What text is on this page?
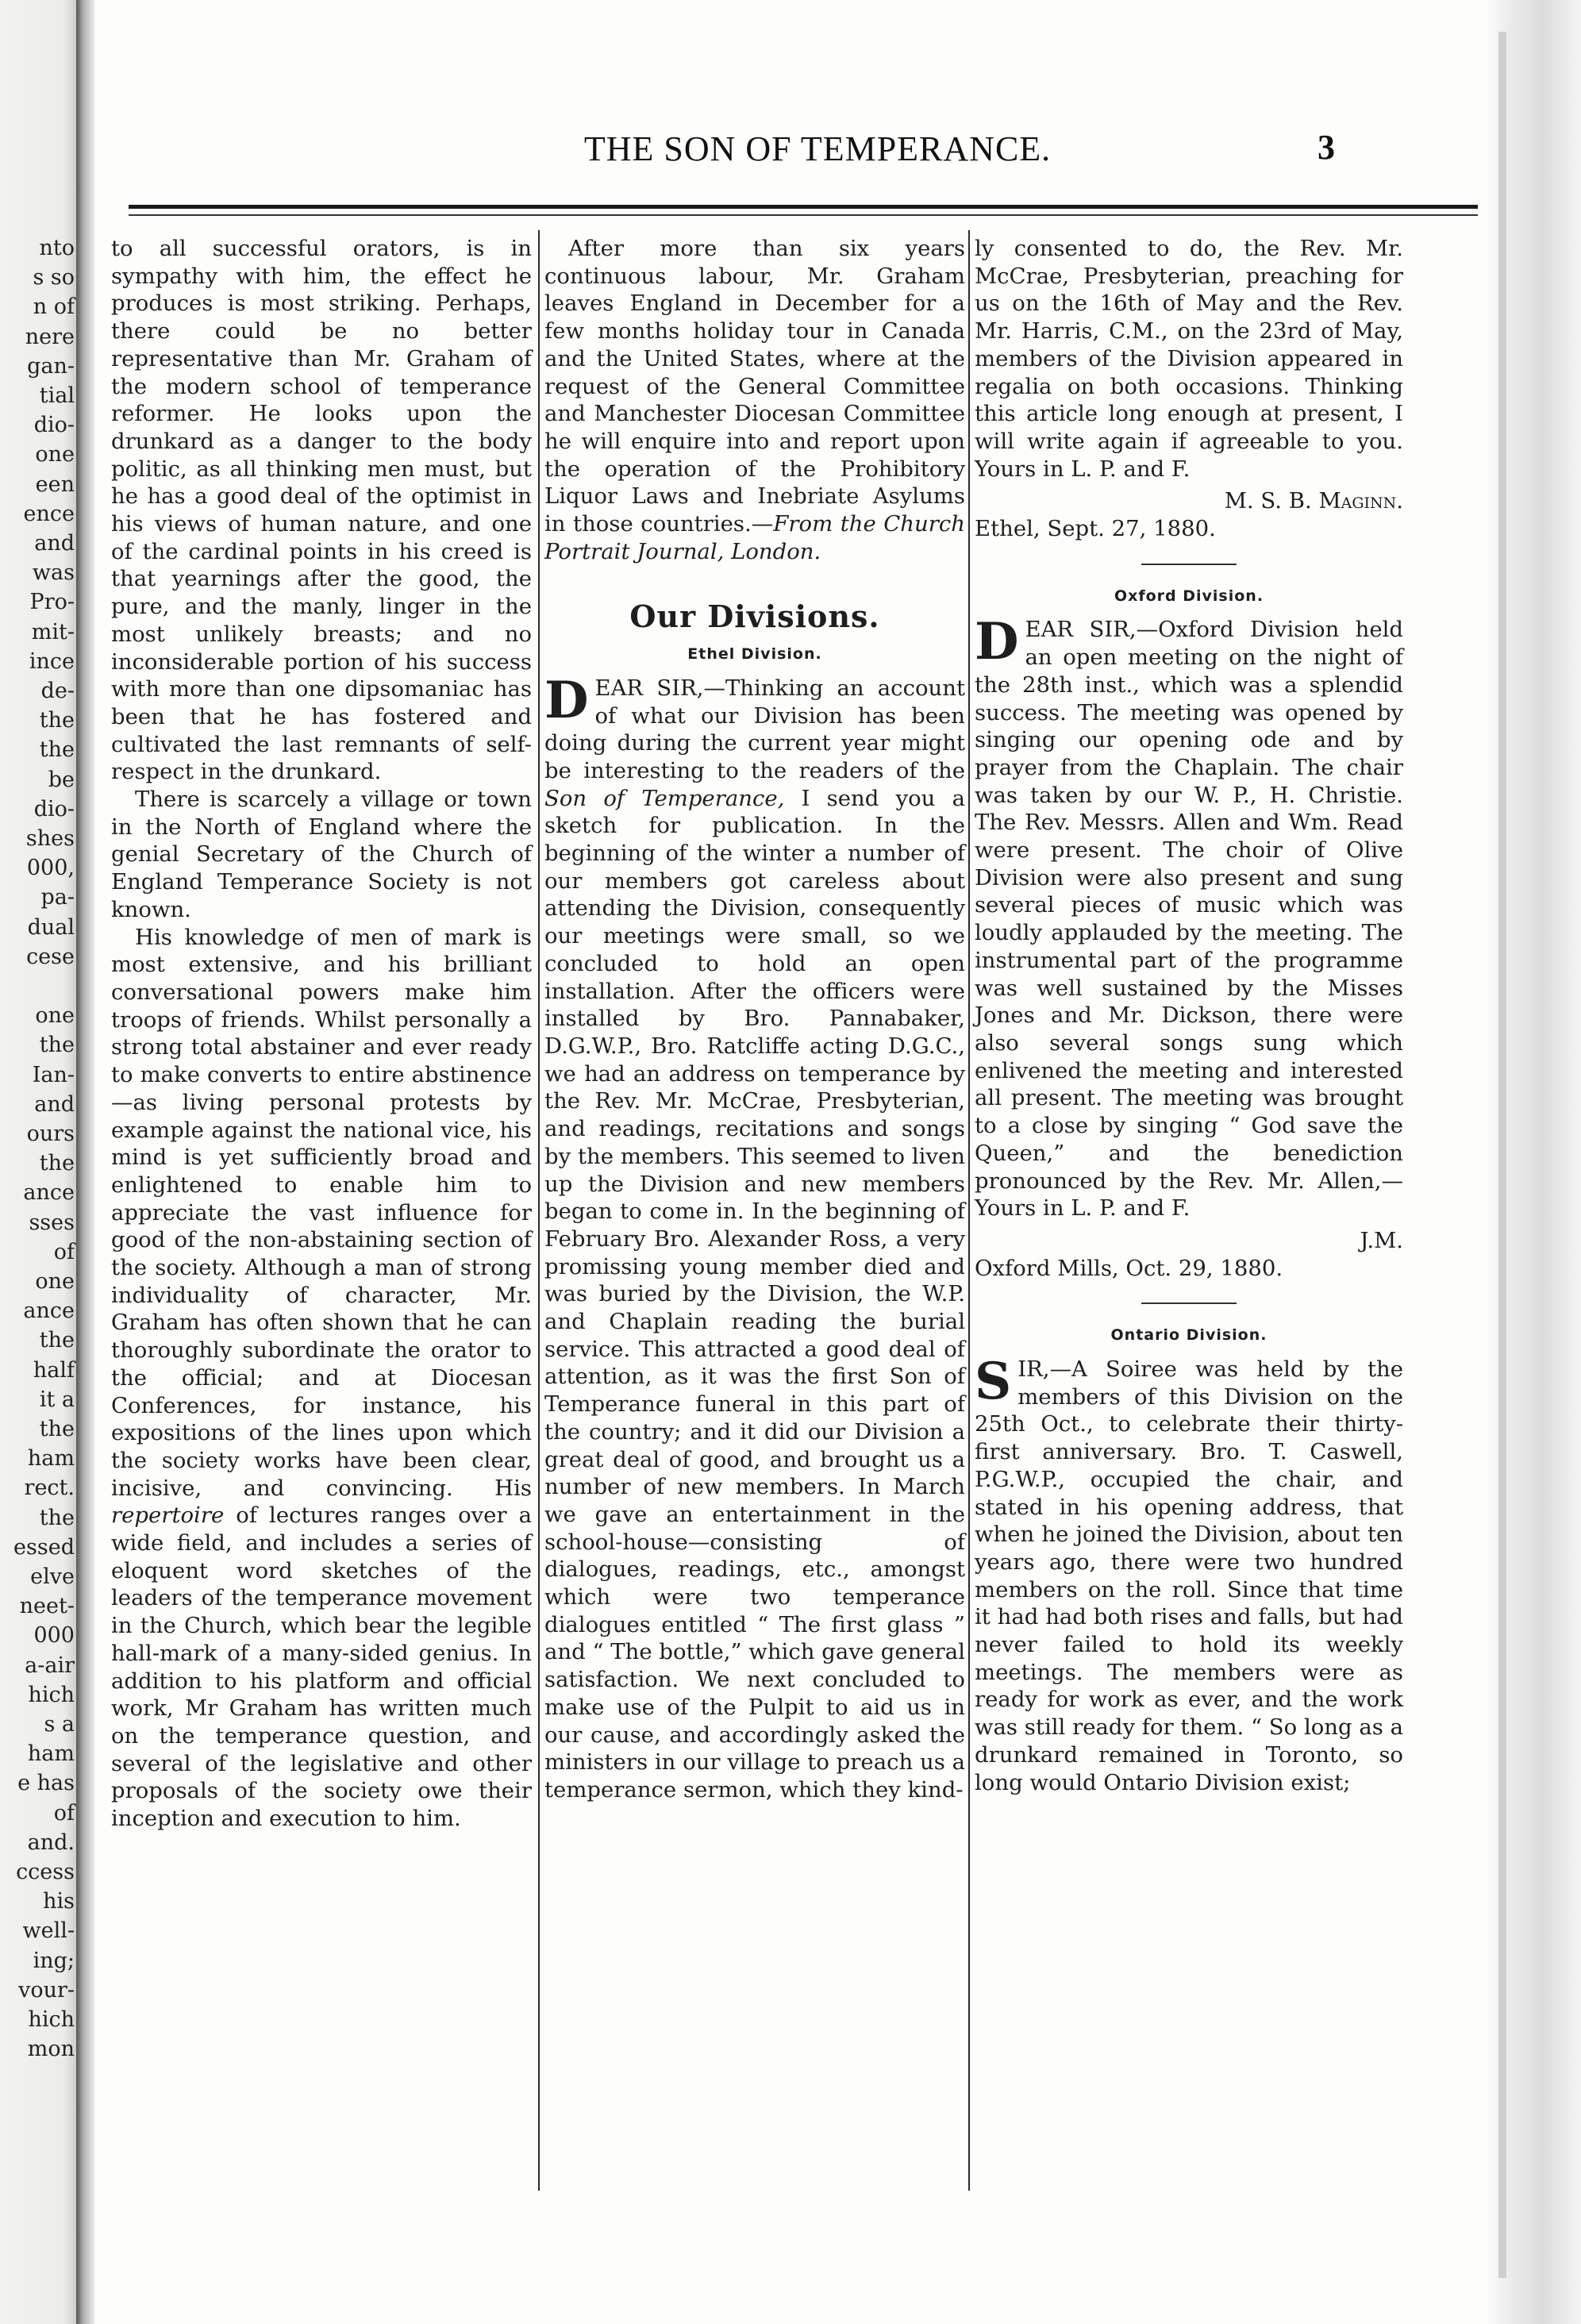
nto
s so
n of
nere
gan-
tial
dio-
one
een
ence
and
was
Pro-
mit-
ince
de-
the
the
be
dio-
shes
000,
pa-
dual
cese
one
the
Ian-
and
ours
the
ance
sses
of
one
ance
the
half
it a
the
ham
rect.
the
essed
elve
neet-
000
a-air
hich
s a
ham
e has
of
and.
ccess
his
well-
ing;
vour-
hich
mon
THE SON OF TEMPERANCE.	3

to all successful orators, is in sympathy with him, the effect he produces is most striking. Perhaps, there could be no better representative than Mr. Graham of the modern school of temperance reformer. He looks upon the drunkard as a danger to the body politic, as all thinking men must, but he has a good deal of the optimist in his views of human nature, and one of the cardinal points in his creed is that yearnings after the good, the pure, and the manly, linger in the most unlikely breasts; and no inconsiderable portion of his success with more than one dipsomaniac has been that he has fostered and cultivated the last remnants of self-respect in the drunkard.

There is scarcely a village or town in the North of England where the genial Secretary of the Church of England Temperance Society is not known.

His knowledge of men of mark is most extensive, and his brilliant conversational powers make him troops of friends. Whilst personally a strong total abstainer and ever ready to make converts to entire abstinence—as living personal protests by example against the national vice, his mind is yet sufficiently broad and enlightened to enable him to appreciate the vast influence for good of the non-abstaining section of the society. Although a man of strong individuality of character, Mr. Graham has often shown that he can thoroughly subordinate the orator to the official; and at Diocesan Conferences, for instance, his expositions of the lines upon which the society works have been clear, incisive, and convincing. His repertoire of lectures ranges over a wide field, and includes a series of eloquent word sketches of the leaders of the temperance movement in the Church, which bear the legible hall-mark of a many-sided genius. In addition to his platform and official work, Mr Graham has written much on the temperance question, and several of the legislative and other proposals of the society owe their inception and execution to him.

After more than six years continuous labour, Mr. Graham leaves England in December for a few months holiday tour in Canada and the United States, where at the request of the General Committee and Manchester Diocesan Committee he will enquire into and report upon the operation of the Prohibitory Liquor Laws and Inebriate Asylums in those countries.—From the Church Portrait Journal, London.

Our Divisions.
Ethel Division.

DEAR SIR,—Thinking an account of what our Division has been doing during the current year might be interesting to the readers of the Son of Temperance, I send you a sketch for publication. In the beginning of the winter a number of our members got careless about attending the Division, consequently our meetings were small, so we concluded to hold an open installation. After the officers were installed by Bro. Pannabaker, D.G.W.P., Bro. Ratcliffe acting D.G.C., we had an address on temperance by the Rev. Mr. McCrae, Presbyterian, and readings, recitations and songs by the members. This seemed to liven up the Division and new members began to come in. In the beginning of February Bro. Alexander Ross, a very promissing young member died and was buried by the Division, the W.P. and Chaplain reading the burial service. This attracted a good deal of attention, as it was the first Son of Temperance funeral in this part of the country; and it did our Division a great deal of good, and brought us a number of new members. In March we gave an entertainment in the school-house—consisting of dialogues, readings, etc., amongst which were two temperance dialogues entitled “ The first glass ” and “ The bottle,” which gave general satisfaction. We next concluded to make use of the Pulpit to aid us in our cause, and accordingly asked the ministers in our village to preach us a temperance sermon, which they kind-

ly consented to do, the Rev. Mr. McCrae, Presbyterian, preaching for us on the 16th of May and the Rev. Mr. Harris, C.M., on the 23rd of May, members of the Division appeared in regalia on both occasions. Thinking this article long enough at present, I will write again if agreeable to you. Yours in L. P. and F.

M. S. B. Maginn.
Ethel, Sept. 27, 1880.
Oxford Division.

DEAR SIR,—Oxford Division held an open meeting on the night of the 28th inst., which was a splendid success. The meeting was opened by singing our opening ode and by prayer from the Chaplain. The chair was taken by our W. P., H. Christie. The Rev. Messrs. Allen and Wm. Read were present. The choir of Olive Division were also present and sung several pieces of music which was loudly applauded by the meeting. The instrumental part of the programme was well sustained by the Misses Jones and Mr. Dickson, there were also several songs sung which enlivened the meeting and interested all present. The meeting was brought to a close by singing “ God save the Queen,” and the benediction pronounced by the Rev. Mr. Allen,—Yours in L. P. and F.

J.M.
Oxford Mills, Oct. 29, 1880.
Ontario Division.

SIR,—A Soiree was held by the members of this Division on the 25th Oct., to celebrate their thirty-first anniversary. Bro. T. Caswell, P.G.W.P., occupied the chair, and stated in his opening address, that when he joined the Division, about ten years ago, there were two hundred members on the roll. Since that time it had had both rises and falls, but had never failed to hold its weekly meetings. The members were as ready for work as ever, and the work was still ready for them. “ So long as a drunkard remained in Toronto, so long would Ontario Division exist;
